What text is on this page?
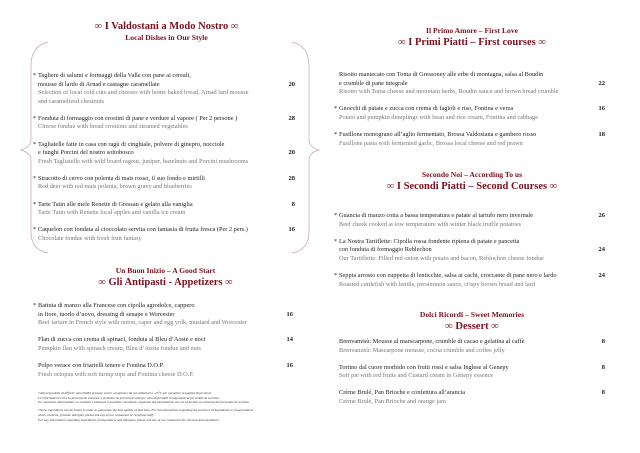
∞ I Valdostani a Modo Nostro ∞
Local Dishes in Our Style
* Tagliere di salumi e formaggi della Valle con pane ai cereali,
mousse di lardo di Arnad e castagne caramellate	20
Selection of local cold cuts and cheeses with home baked bread, Arnad lard mousse
and caramelized chestnuts
* Fonduta di formaggio con crostini di pane e verdure al vapore ( Per 2 persone )	28
Cheese fondue with bread croutons and steamed vegetables
* Tagliatelle fatte in casa con ragù di cinghiale, polvere di ginepro, nocciole
e funghi Porcini del nostro sottobosco	20
Fresh Tagliatelle with wild board ragout, juniper, hazelnuts and Porcini mushrooms
* Stracotto di cervo con polenta di mais rosso, il suo fondo e mirtilli	28
Red deer with red mais polenta, brown gravy and blueberries
* Tarte Tatin alle mele Renette di Gressan e gelato alla vaniglia	8
Tarte Tatin with Renette local apples and vanilla ice cream
* Caquelon con fondata al cioccolato servita con fantasia di frutta fresca (Per 2 pers.)	16
Chocolate fondue with fresh fruit fantasy
Un Buon Inizio – A Good Start
∞ Gli Antipasti - Appetizers ∞
* Battuta di manzo alla Francese con cipolla agrodolce, cappero
in fiore, tuorlo d’uovo, dressing di senape e Worcester	16
Beef tartare in French style with onion, caper and egg yolk, mustard and Worcester
Flan di zucca con crema di spinaci, fonduta al Bleu d’Aoste e noci	14
Pumpkin flan with spinach cream, Bleu d’Aoste fondue and nuts
Polpo verace con friarielli tenere e Fontina D.O.P.	16
Fresh octopus with soft turnip tops and Fontina cheese D.O.P.
Il Primo Amore – First Love
∞ I Primi Piatti – First courses ∞
Risotto mantecato con Toma di Gressoney alle erbe di montagna, salsa al Boudin
e crumble di pane integrale	22
Risotto with Toma cheese and mountain herbs, Boudin sauce and brown bread crumble
* Gnocchi di patate e zucca con crema di fagioli e riso, Fontina e verza	16
Potato and pumpkin dumplings with bean and rice cream, Fontina and cabbage
* Fusillone monograno all’aglio fermentato, Brossa Valdostana e gambero rosso	18
Fusillone pasta with fermented garlic, Brossa local cheese and red prawn
Secondo Noi – According To us
∞ I Secondi Piatti – Second Courses ∞
* Guancia di manzo cotta a bassa temperatura e patate al tartufo nero invernale	26
Beef cheek cooked at low temperature with winter black truffle potatoes
* La Nostra Tartiflette: Cipolla rossa fondente ripiena di patate e pancetta
con fonduta di formaggio Reblechon	24
Our Tartiflette: Filled red onion with potato and bacon, Reblochon cheese fondue
* Seppia arrosto con zuppetta di lenticchie, salsa ai cachi, croccante di pane nero e lardo	24
Roasted cuttlefish with lentils, persimmon sauce, crispy brown bread and lard
Dolci Ricordi – Sweet Memories
∞ Dessert ∞
Brenvamisù: Mousse al marscarpone, crumble di cacao e gelatina al caffè	8
Brenvamisù: Mascarpone mousse, cocoa crumble and coffee jelly
Tortino dal cuore morbido con frutti rossi e salsa Inglese al Genepy	8
Soft pie with red fruits and Custard cream in Genepy essence
Crème Brulé, Pan Brioche e confettura all’arancia	8
Crème Brulé, Pan Brioche and orange jam

*Alcuni prodotti di difficile reperibilità possono essere congelati e da noi abbattuti a -25°C per garantire la qualità degli stessi.
Le informazioni circa la presenza di sostanze o prodotti che provocano allergie sono disponibili rivolgendosi al personale di servizio.
Per qualsiasi informazione su sostanze e allergeni è possibile consultare l’apposita documentazione che verrà fornita su richiesta del personale di servizio.

*Some ingredients can be frozen in order to guarantee the best quality of that item. For the information regarding the presence of ingredients or food products,
which could be, provoke allergies, please ask any of our restaurant or reception staff.
For any information regarding ingredients, food products and allergens, please ask any of our restaurant the relevant documentation.
